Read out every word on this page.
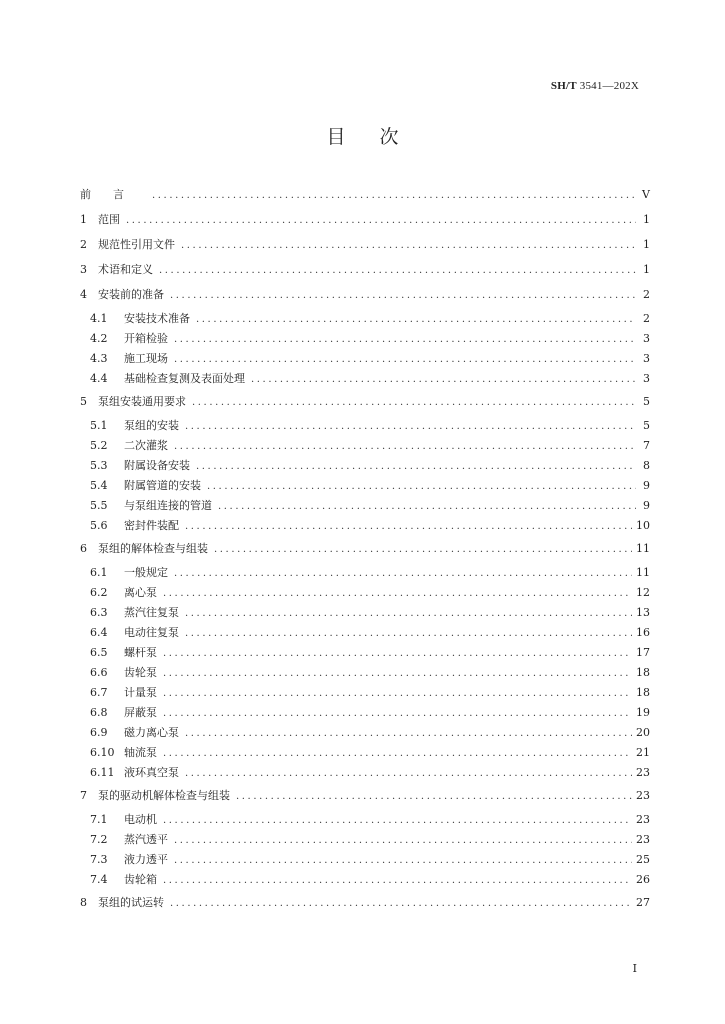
SH/T 3541—202X
目次
前言 .....	V
1	范围 .....	1
2	规范性引用文件 .....	1
3	术语和定义 .....	1
4	安装前的准备 .....	2
4.1	安装技术准备 .....	2
4.2	开箱检验 .....	3
4.3	施工现场 .....	3
4.4	基础检查复测及表面处理 .....	3
5	泵组安装通用要求 .....	5
5.1	泵组的安装 .....	5
5.2	二次灌浆 .....	7
5.3	附属设备安装 .....	8
5.4	附属管道的安装 .....	9
5.5	与泵组连接的管道 .....	9
5.6	密封件装配 .....	10
6	泵组的解体检查与组装 .....	11
6.1	一般规定 .....	11
6.2	离心泵 .....	12
6.3	蒸汽往复泵 .....	13
6.4	电动往复泵 .....	16
6.5	螺杆泵 .....	17
6.6	齿轮泵 .....	18
6.7	计量泵 .....	18
6.8	屏蔽泵 .....	19
6.9	磁力离心泵 .....	20
6.10 轴流泵 .....	21
6.11 液环真空泵 .....	23
7	泵的驱动机解体检查与组装 .....	23
7.1	电动机 .....	23
7.2	蒸汽透平 .....	23
7.3	液力透平 .....	25
7.4	齿轮箱 .....	26
8	泵组的试运转 .....	27
I
